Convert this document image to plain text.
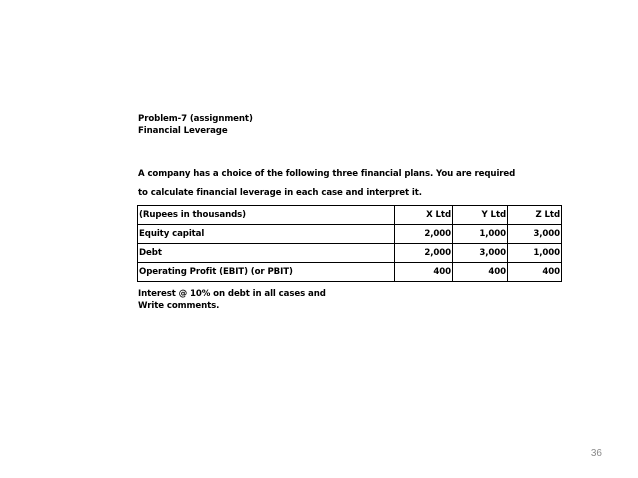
Problem-7 (assignment)
Financial Leverage
A company has a choice of the following three financial plans. You are required
to calculate financial leverage in each case and interpret it.
(Rupees in thousands)	X Ltd	Y Ltd	Z Ltd
Equity capital	2,000	1,000	3,000
Debt	2,000	3,000	1,000
Operating Profit (EBIT) (or PBIT)	400	400	400
Interest @ 10% on debt in all cases and
Write comments.
36
